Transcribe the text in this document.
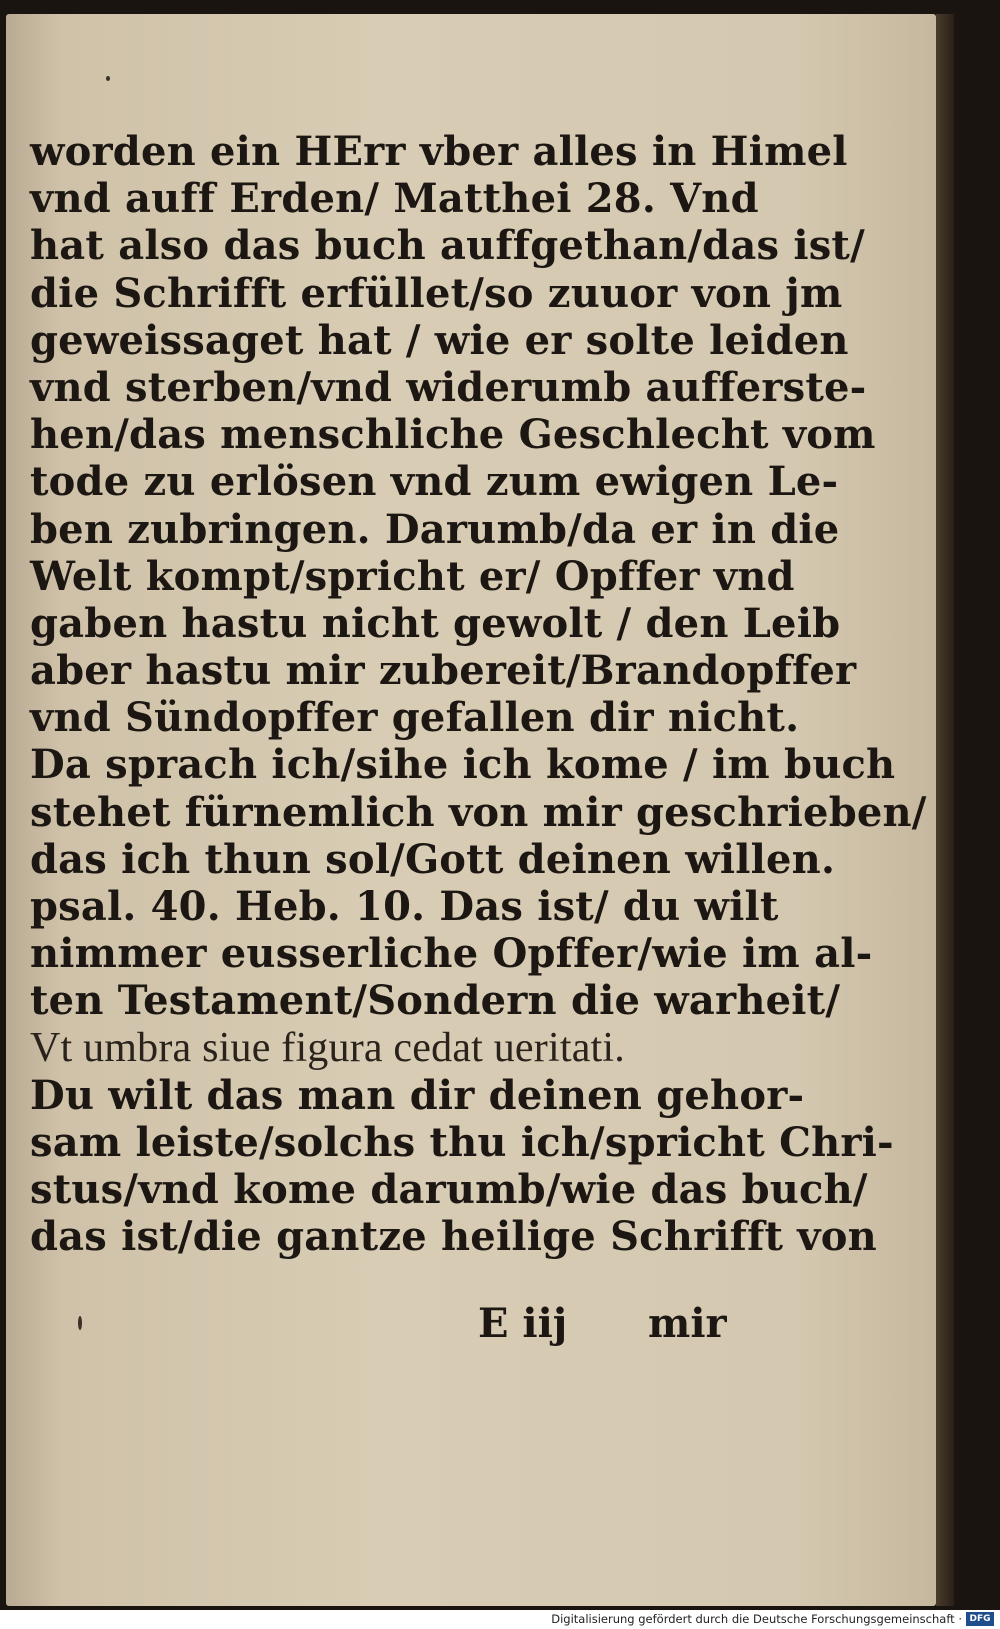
worden ein HErr vber alles in Himel
vnd auff Erden/ Matthei 28. Vnd
hat also das buch auffgethan/das ist/
die Schrifft erfüllet/so zuuor von jm
geweissaget hat / wie er solte leiden
vnd sterben/vnd widerumb aufferste-
hen/das menschliche Geschlecht vom
tode zu erlösen vnd zum ewigen Le-
ben zubringen. Darumb/da er in die
Welt kompt/spricht er/ Opffer vnd
gaben hastu nicht gewolt / den Leib
aber hastu mir zubereit/Brandopffer
vnd Sündopffer gefallen dir nicht.
Da sprach ich/sihe ich kome / im buch
stehet fürnemlich von mir geschrieben/
das ich thun sol/Gott deinen willen.
psal. 40. Heb. 10. Das ist/ du wilt
nimmer eusserliche Opffer/wie im al-
ten Testament/Sondern die warheit/
Vt umbra siue figura cedat ueritati.
Du wilt das man dir deinen gehor-
sam leiste/solchs thu ich/spricht Chri-
stus/vnd kome darumb/wie das buch/
das ist/die gantze heilige Schrifft von
E iij mir
Digitalisierung gefördert durch die Deutsche Forschungsgemeinschaft · DFG
